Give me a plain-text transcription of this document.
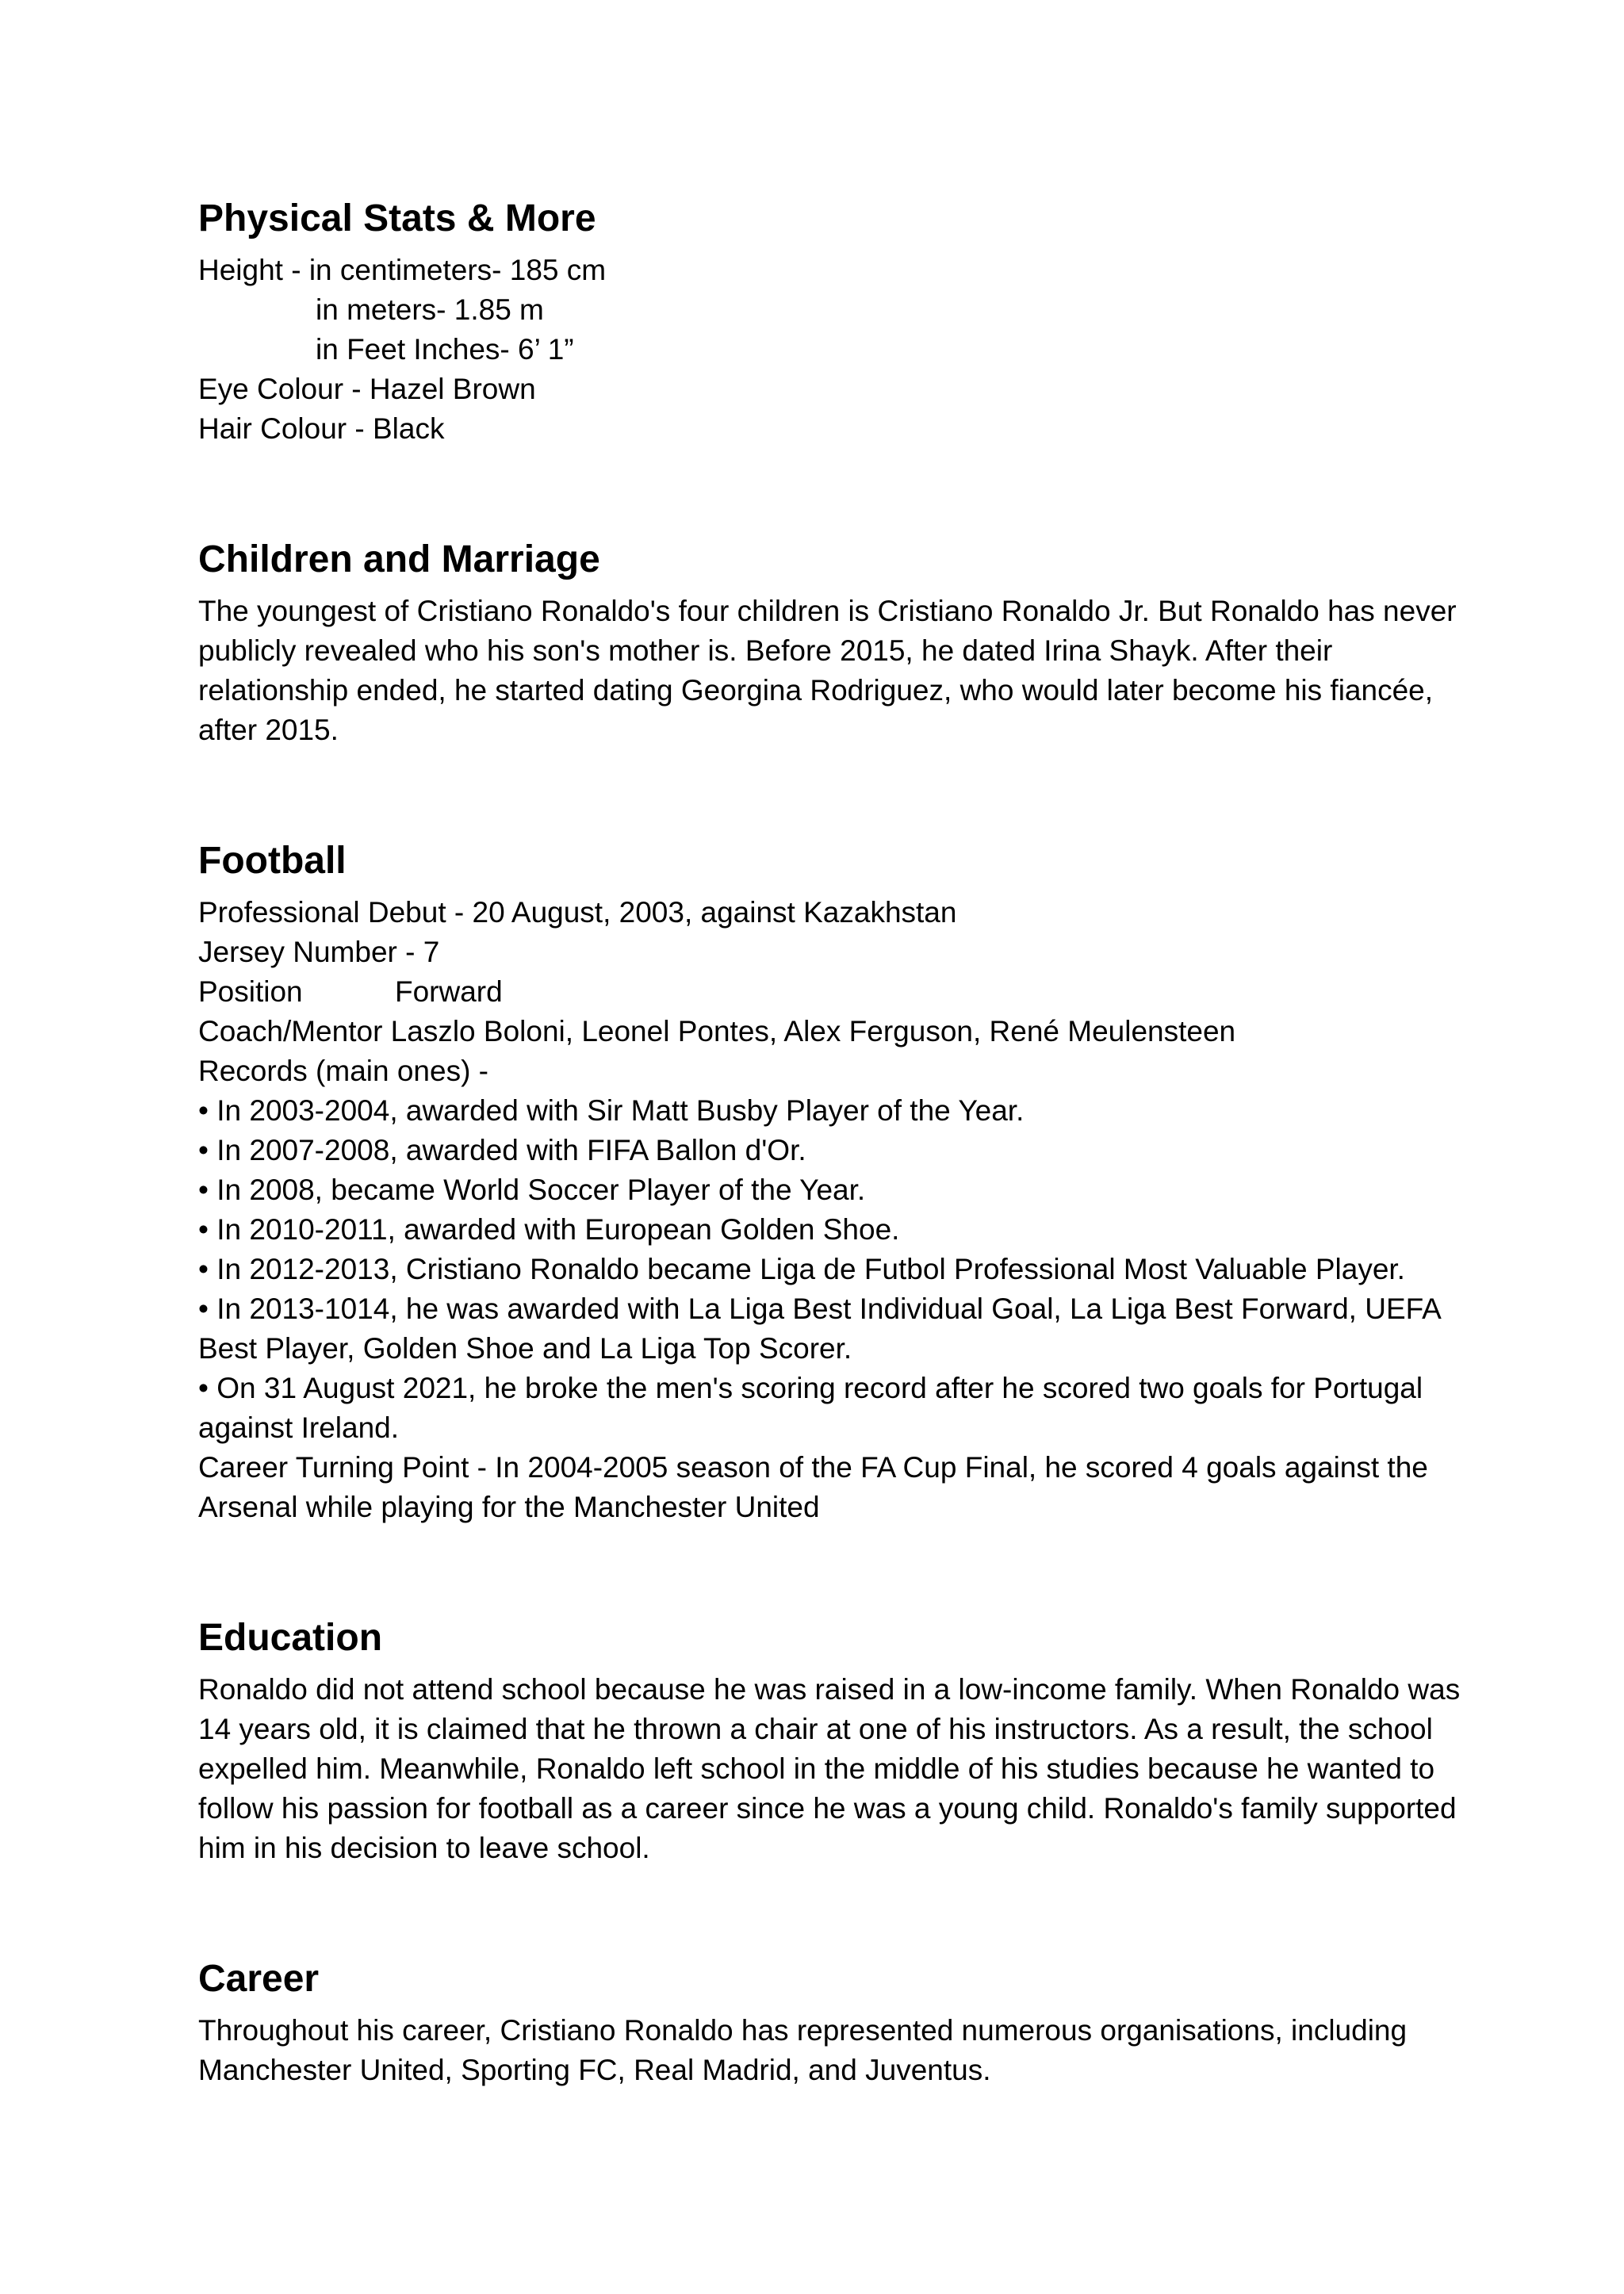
Physical Stats & More
Height - in centimeters- 185 cm
in meters- 1.85 m
in Feet Inches- 6’ 1”
Eye Colour - Hazel Brown
Hair Colour - Black
Children and Marriage

The youngest of Cristiano Ronaldo's four children is Cristiano Ronaldo Jr. But Ronaldo has never publicly revealed who his son's mother is. Before 2015, he dated Irina Shayk. After their relationship ended, he started dating Georgina Rodriguez, who would later become his fiancée, after 2015.

Football
Professional Debut - 20 August, 2003, against Kazakhstan
Jersey Number - 7
Position	Forward
Coach/Mentor Laszlo Boloni, Leonel Pontes, Alex Ferguson, René Meulensteen
Records (main ones) -
• In 2003-2004, awarded with Sir Matt Busby Player of the Year.
• In 2007-2008, awarded with FIFA Ballon d'Or.
• In 2008, became World Soccer Player of the Year.
• In 2010-2011, awarded with European Golden Shoe.

• In 2012-2013, Cristiano Ronaldo became Liga de Futbol Professional Most Valuable Player.

• In 2013-1014, he was awarded with La Liga Best Individual Goal, La Liga Best Forward, UEFA Best Player, Golden Shoe and La Liga Top Scorer.

• On 31 August 2021, he broke the men's scoring record after he scored two goals for Portugal against Ireland.

Career Turning Point - In 2004-2005 season of the FA Cup Final, he scored 4 goals against the Arsenal while playing for the Manchester United

Education

Ronaldo did not attend school because he was raised in a low-income family. When Ronaldo was 14 years old, it is claimed that he thrown a chair at one of his instructors. As a result, the school expelled him. Meanwhile, Ronaldo left school in the middle of his studies because he wanted to follow his passion for football as a career since he was a young child. Ronaldo's family supported him in his decision to leave school.

Career

Throughout his career, Cristiano Ronaldo has represented numerous organisations, including Manchester United, Sporting FC, Real Madrid, and Juventus.
